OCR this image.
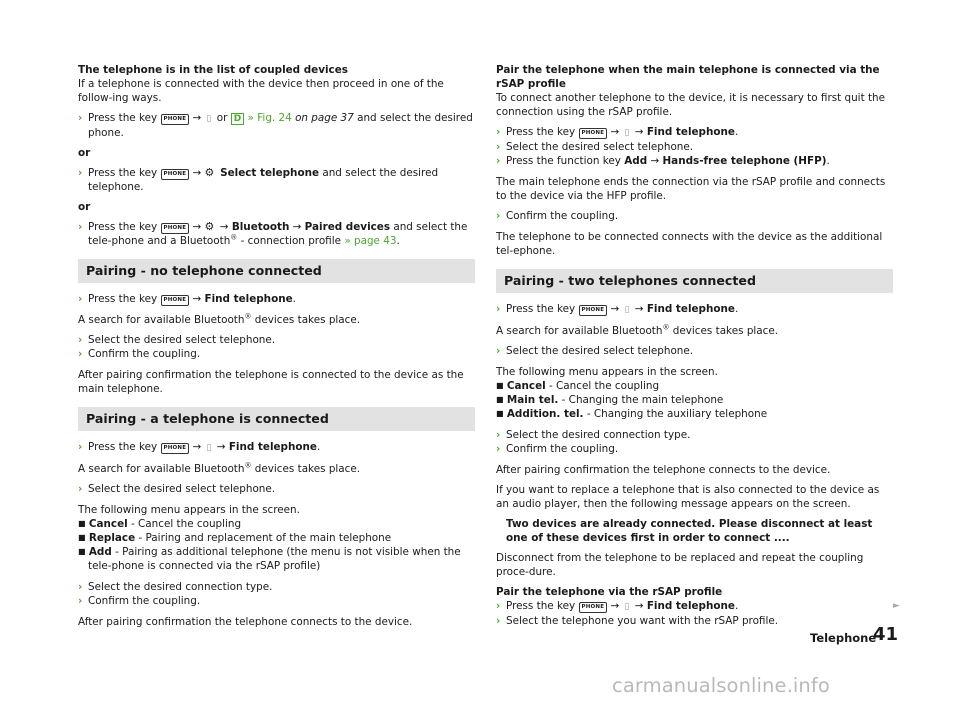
The telephone is in the list of coupled devices
If a telephone is connected with the device then proceed in one of the follow-ing ways.
› Press the key PHONE → ▯ or D » Fig. 24 on page 37 and select the desired phone.
or
› Press the key PHONE → ⚙ Select telephone and select the desired telephone.
or
› Press the key PHONE → ⚙ → Bluetooth → Paired devices and select the tele-phone and a Bluetooth® - connection profile » page 43.
Pairing - no telephone connected
› Press the key PHONE → Find telephone.
A search for available Bluetooth® devices takes place.
› Select the desired select telephone.
› Confirm the coupling.
After pairing confirmation the telephone is connected to the device as the main telephone.
Pairing - a telephone is connected
› Press the key PHONE → ▯ → Find telephone.
A search for available Bluetooth® devices takes place.
› Select the desired select telephone.
The following menu appears in the screen.
■ Cancel - Cancel the coupling
■ Replace - Pairing and replacement of the main telephone
■ Add - Pairing as additional telephone (the menu is not visible when the tele-phone is connected via the rSAP profile)
› Select the desired connection type.
› Confirm the coupling.
After pairing confirmation the telephone connects to the device.
Pair the telephone when the main telephone is connected via the rSAP profile
To connect another telephone to the device, it is necessary to first quit the connection using the rSAP profile.
› Press the key PHONE → ▯ → Find telephone.
› Select the desired select telephone.
› Press the function key Add → Hands-free telephone (HFP).
The main telephone ends the connection via the rSAP profile and connects to the device via the HFP profile.
› Confirm the coupling.
The telephone to be connected connects with the device as the additional tel-ephone.
Pairing - two telephones connected
› Press the key PHONE → ▯ → Find telephone.
A search for available Bluetooth® devices takes place.
› Select the desired select telephone.
The following menu appears in the screen.
■ Cancel - Cancel the coupling
■ Main tel. - Changing the main telephone
■ Addition. tel. - Changing the auxiliary telephone
› Select the desired connection type.
› Confirm the coupling.
After pairing confirmation the telephone connects to the device.
If you want to replace a telephone that is also connected to the device as an audio player, then the following message appears on the screen.
Two devices are already connected. Please disconnect at least one of these devices first in order to connect ....
Disconnect from the telephone to be replaced and repeat the coupling proce-dure.
Pair the telephone via the rSAP profile
› Press the key PHONE → ▯ → Find telephone.
› Select the telephone you want with the rSAP profile.
►
Telephone
41
carmanualsonline.info
